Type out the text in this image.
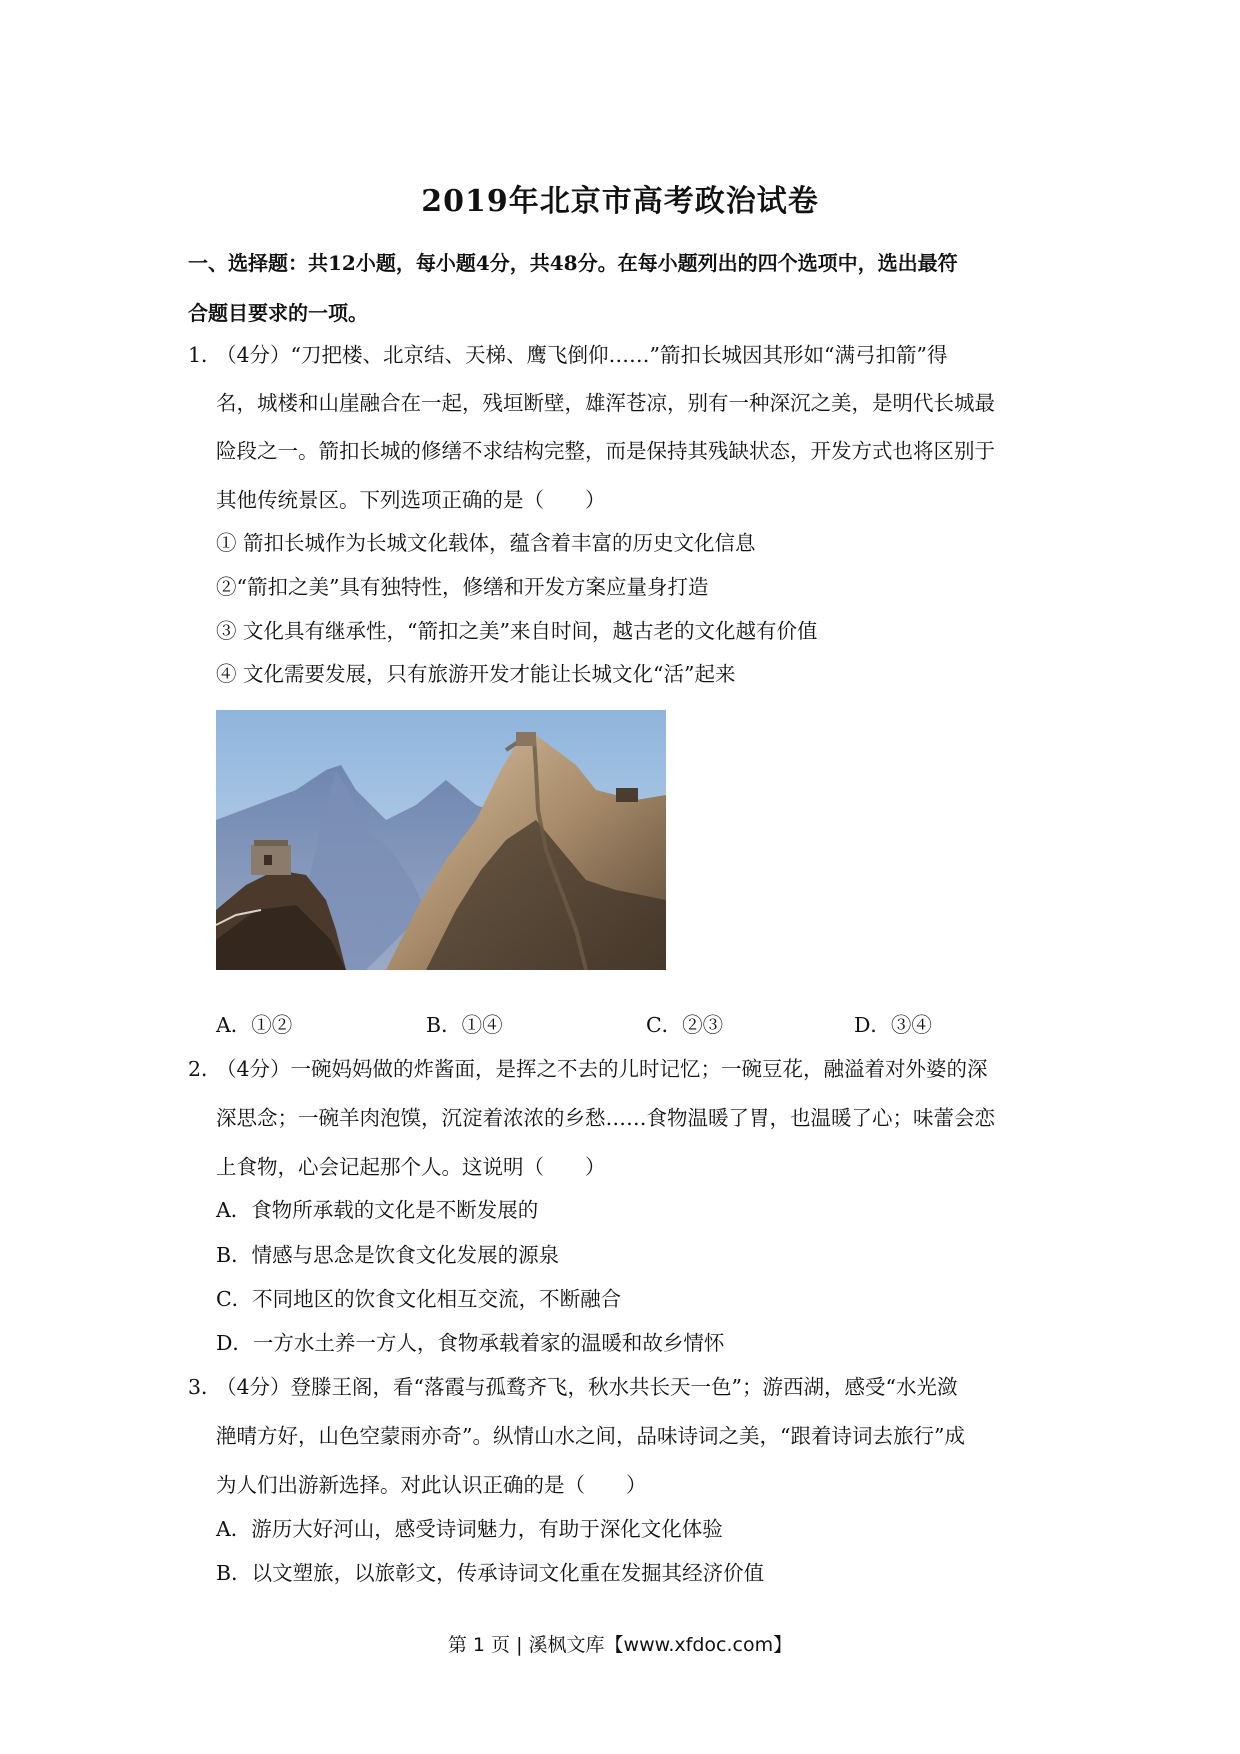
2019年北京市高考政治试卷
一、选择题：共12小题，每小题4分，共48分。在每小题列出的四个选项中，选出最符
合题目要求的一项。
1．
（4分）“刀把楼、北京结、天梯、鹰飞倒仰……”箭扣长城因其形如“满弓扣箭”得
名，城楼和山崖融合在一起，残垣断壁，雄浑苍凉，别有一种深沉之美，是明代长城最
险段之一。箭扣长城的修缮不求结构完整，而是保持其残缺状态，开发方式也将区别于
其他传统景区。下列选项正确的是（　　）
① 箭扣长城作为长城文化载体，蕴含着丰富的历史文化信息
②“箭扣之美”具有独特性，修缮和开发方案应量身打造
③ 文化具有继承性，“箭扣之美”来自时间，越古老的文化越有价值
④ 文化需要发展，只有旅游开发才能让长城文化“活”起来
A．①②	B．①④	C．②③	D．③④
2．
（4分）一碗妈妈做的炸酱面，是挥之不去的儿时记忆；一碗豆花，融溢着对外婆的深
深思念；一碗羊肉泡馍，沉淀着浓浓的乡愁……食物温暖了胃，也温暖了心；味蕾会恋
上食物，心会记起那个人。这说明（　　）
A．食物所承载的文化是不断发展的
B．情感与思念是饮食文化发展的源泉
C．不同地区的饮食文化相互交流，不断融合
D．一方水土养一方人，食物承载着家的温暖和故乡情怀
3．
（4分）登滕王阁，看“落霞与孤鹜齐飞，秋水共长天一色”；游西湖，感受“水光潋
滟晴方好，山色空蒙雨亦奇”。纵情山水之间，品味诗词之美，“跟着诗词去旅行”成
为人们出游新选择。对此认识正确的是（　　）
A．游历大好河山，感受诗词魅力，有助于深化文化体验
B．以文塑旅，以旅彰文，传承诗词文化重在发掘其经济价值
第 1 页 | 溪枫文库【www.xfdoc.com】
